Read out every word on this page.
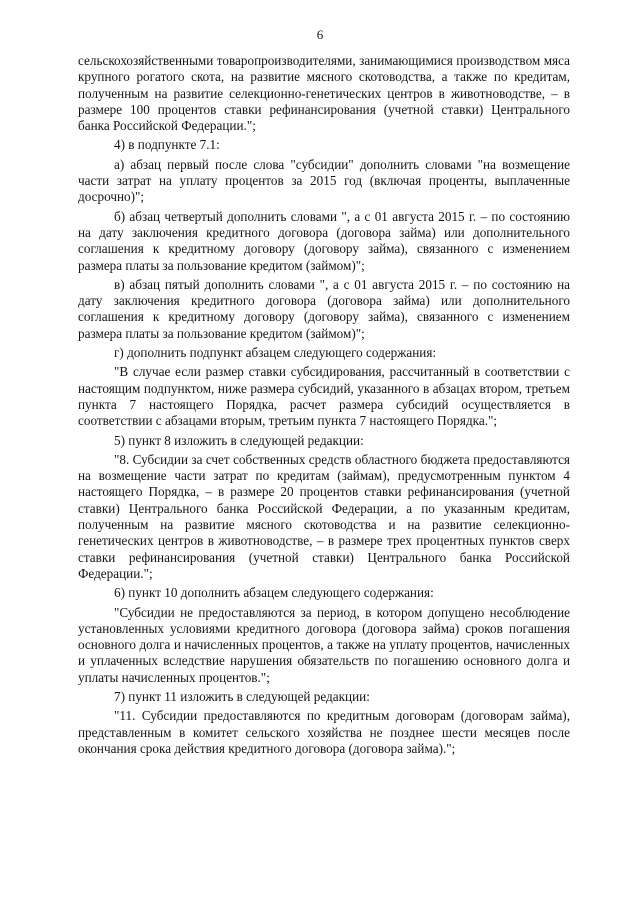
6

сельскохозяйственными товаропроизводителями, занимающимися производством мяса крупного рогатого скота, на развитие мясного скотоводства, а также по кредитам, полученным на развитие селекционно-генетических центров в животноводстве, – в размере 100 процентов ставки рефинансирования (учетной ставки) Центрального банка Российской Федерации.";

4) в подпункте 7.1:

а) абзац первый после слова "субсидии" дополнить словами "на возмещение части затрат на уплату процентов за 2015 год (включая проценты, выплаченные досрочно)";

б) абзац четвертый дополнить словами ", а с 01 августа 2015 г. – по состоянию на дату заключения кредитного договора (договора займа) или дополнительного соглашения к кредитному договору (договору займа), связанного с изменением размера платы за пользование кредитом (займом)";

в) абзац пятый дополнить словами ", а с 01 августа 2015 г. – по состоянию на дату заключения кредитного договора (договора займа) или дополнительного соглашения к кредитному договору (договору займа), связанного с изменением размера платы за пользование кредитом (займом)";

г) дополнить подпункт абзацем следующего содержания:

"В случае если размер ставки субсидирования, рассчитанный в соответствии с настоящим подпунктом, ниже размера субсидий, указанного в абзацах втором, третьем пункта 7 настоящего Порядка, расчет размера субсидий осуществляется в соответствии с абзацами вторым, третьим пункта 7 настоящего Порядка.";

5) пункт 8 изложить в следующей редакции:

"8. Субсидии за счет собственных средств областного бюджета предоставляются на возмещение части затрат по кредитам (займам), предусмотренным пунктом 4 настоящего Порядка, – в размере 20 процентов ставки рефинансирования (учетной ставки) Центрального банка Российской Федерации, а по указанным кредитам, полученным на развитие мясного скотоводства и на развитие селекционно-генетических центров в животноводстве, – в размере трех процентных пунктов сверх ставки рефинансирования (учетной ставки) Центрального банка Российской Федерации.";

6) пункт 10 дополнить абзацем следующего содержания:

"Субсидии не предоставляются за период, в котором допущено несоблюдение установленных условиями кредитного договора (договора займа) сроков погашения основного долга и начисленных процентов, а также на уплату процентов, начисленных и уплаченных вследствие нарушения обязательств по погашению основного долга и уплаты начисленных процентов.";

7) пункт 11 изложить в следующей редакции:

"11. Субсидии предоставляются по кредитным договорам (договорам займа), представленным в комитет сельского хозяйства не позднее шести месяцев после окончания срока действия кредитного договора (договора займа).";
